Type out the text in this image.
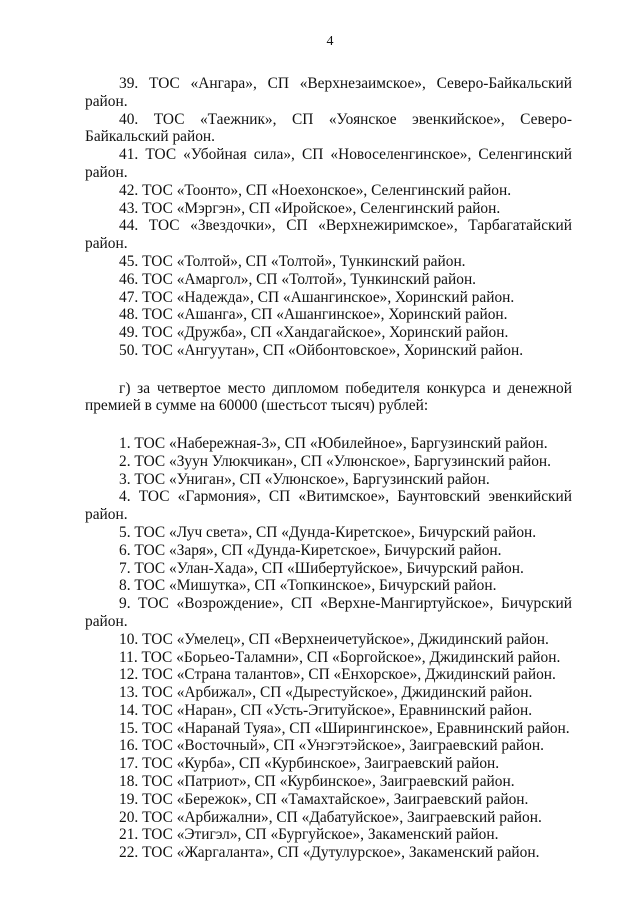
4

39. ТОС «Ангара», СП «Верхнезаимское», Северо-Байкальский район.

40. ТОС «Таежник», СП «Уоянское эвенкийское», Северо-Байкальский район.

41. ТОС «Убойная сила», СП «Новоселенгинское», Селенгинский район.

42. ТОС «Тоонто», СП «Ноехонское», Селенгинский район.

43. ТОС «Мэргэн», СП «Иройское», Селенгинский район.

44. ТОС «Звездочки», СП «Верхнежиримское», Тарбагатайский район.

45. ТОС «Толтой», СП «Толтой», Тункинский район.

46. ТОС «Амаргол», СП «Толтой», Тункинский район.

47. ТОС «Надежда», СП «Ашангинское», Хоринский район.

48. ТОС «Ашанга», СП «Ашангинское», Хоринский район.

49. ТОС «Дружба», СП «Хандагайское», Хоринский район.

50. ТОС «Ангуутан», СП «Ойбонтовское», Хоринский район.

г) за четвертое место дипломом победителя конкурса и денежной премией в сумме на 60000 (шестьсот тысяч) рублей:

1. ТОС «Набережная-3», СП «Юбилейное», Баргузинский район.

2. ТОС «Зуун Улюкчикан», СП «Улюнское», Баргузинский район.

3. ТОС «Униган», СП «Улюнское», Баргузинский район.

4. ТОС «Гармония», СП «Витимское», Баунтовский эвенкийский район.

5. ТОС «Луч света», СП «Дунда-Киретское», Бичурский район.

6. ТОС «Заря», СП «Дунда-Киретское», Бичурский район.

7. ТОС «Улан-Хада», СП «Шибертуйское», Бичурский район.

8. ТОС «Мишутка», СП «Топкинское», Бичурский район.

9. ТОС «Возрождение», СП «Верхне-Мангиртуйское», Бичурский район.

10. ТОС «Умелец», СП «Верхнеичетуйское», Джидинский район.

11. ТОС «Борьео-Таламни», СП «Боргойское», Джидинский район.

12. ТОС «Страна талантов», СП «Енхорское», Джидинский район.

13. ТОС «Арбижал», СП «Дырестуйское», Джидинский район.

14. ТОС «Наран», СП «Усть-Эгитуйское», Еравнинский район.

15. ТОС «Наранай Туяа», СП «Ширингинское», Еравнинский район.

16. ТОС «Восточный», СП «Унэгэтэйское», Заиграевский район.

17. ТОС «Курба», СП «Курбинское», Заиграевский район.

18. ТОС «Патриот», СП «Курбинское», Заиграевский район.

19. ТОС «Бережок», СП «Тамахтайское», Заиграевский район.

20. ТОС «Арбижални», СП «Дабатуйское», Заиграевский район.

21. ТОС «Этигэл», СП «Бургуйское», Закаменский район.

22. ТОС «Жаргаланта», СП «Дутулурское», Закаменский район.
